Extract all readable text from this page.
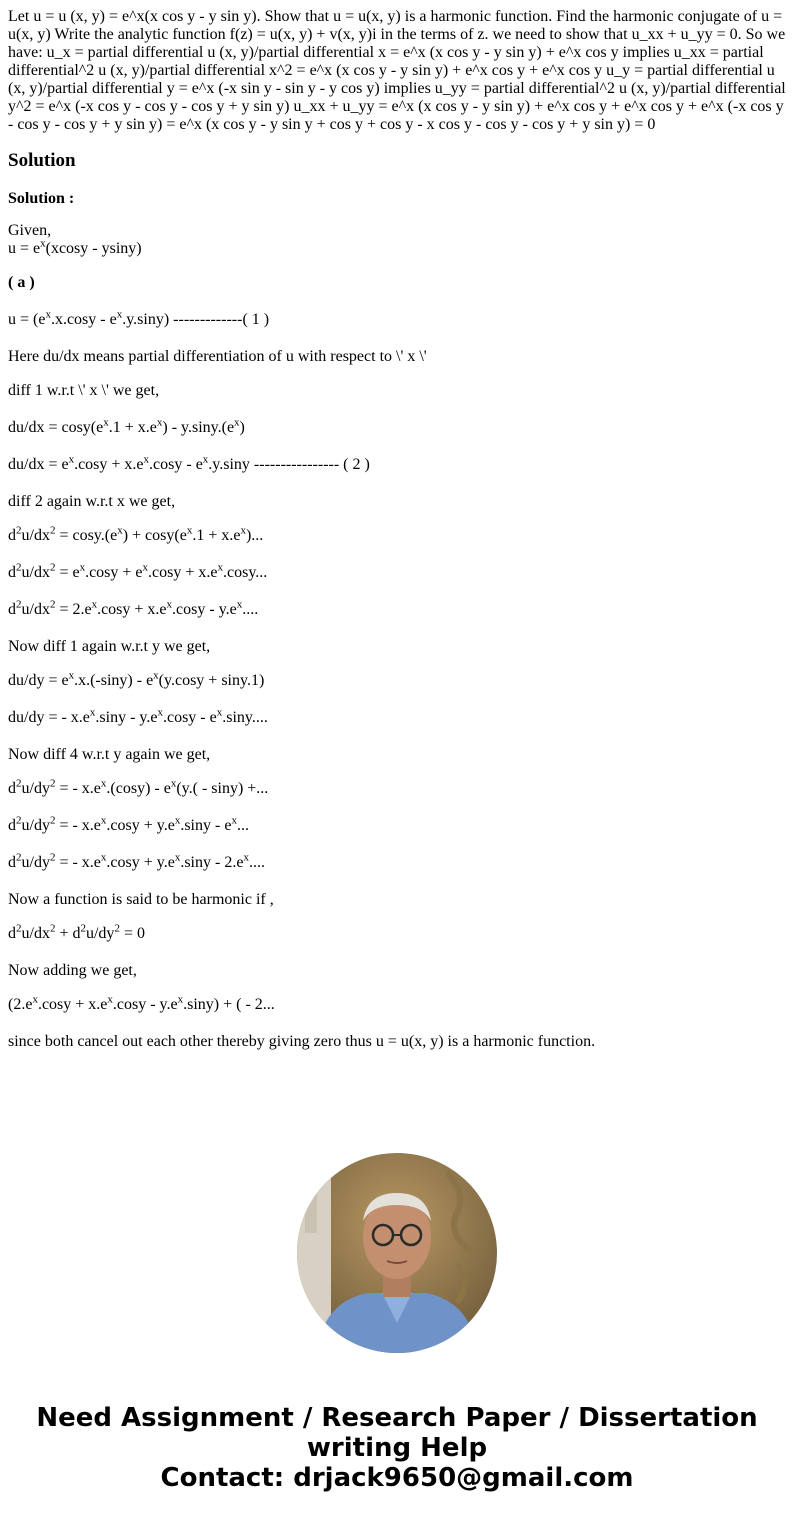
Let u = u (x, y) = e^x(x cos y - y sin y). Show that u = u(x, y) is a harmonic function. Find the harmonic conjugate of u = u(x, y) Write the analytic function f(z) = u(x, y) + v(x, y)i in the terms of z. we need to show that u_xx + u_yy = 0. So we have: u_x = partial differential u (x, y)/partial differential x = e^x (x cos y - y sin y) + e^x cos y implies u_xx = partial differential^2 u (x, y)/partial differential x^2 = e^x (x cos y - y sin y) + e^x cos y + e^x cos y u_y = partial differential u (x, y)/partial differential y = e^x (-x sin y - sin y - y cos y) implies u_yy = partial differential^2 u (x, y)/partial differential y^2 = e^x (-x cos y - cos y - cos y + y sin y) u_xx + u_yy = e^x (x cos y - y sin y) + e^x cos y + e^x cos y + e^x (-x cos y - cos y - cos y + y sin y) = e^x (x cos y - y sin y + cos y + cos y - x cos y - cos y - cos y + y sin y) = 0

Solution

Solution :

Given,
$u = e^x(xcosy - ysiny)$

( a )

$u = (e^x.x.\cos y - e^x.y.\sin y)$ -------------( 1 )

Here du/dx means partial differentiation of u with respect to \' x \'

diff 1 w.r.t \' x \' we get,

$du/dx = \cos y(e^x.1 + x.e^x) - y.\sin y.(e^x)$

$du/dx = e^x.\cos y + x.e^x.\cos y - e^x.y.\sin y$ ---------------- ( 2 )

diff 2 again w.r.t x we get,

$d^2u/dx^2 = \cos y.(e^x) + \cos y(e^x.1 + x.e^x)$...

$d^2u/dx^2 = e^x.\cos y + e^x.\cos y + x.e^x.\cos y$...

$d^2u/dx^2 = 2.e^x.\cos y + x.e^x.\cos y - y.e^x$....

Now diff 1 again w.r.t y we get,

$du/dy = e^x.x.(-\sin y) - e^x(y.\cos y + \sin y.1)$

du/dy = - $x.e^x.\sin y - y.e^x.\cos y - e^x.\sin y$....

Now diff 4 w.r.t y again we get,

$d^2u/dy^2$ = - $x.e^x.(\cos y) - e^x(y.( - \sin y)$ +...

$d^2u/dy^2$ = - $x.e^x.\cos y + y.e^x.\sin y - e^x$...

$d^2u/dy^2$ = - $x.e^x.\cos y + y.e^x.\sin y - 2.e^x$....

Now a function is said to be harmonic if ,

$d^2u/dx^2 + d^2u/dy^2 = 0$

Now adding we get,

$(2.e^x.\cos y + x.e^x.\cos y - y.e^x.\sin y)$ + ( - 2...

since both cancel out each other thereby giving zero thus u = u(x, y) is a harmonic function.

Need Assignment / Research Paper / Dissertation
writing Help
Contact: drjack9650@gmail.com
